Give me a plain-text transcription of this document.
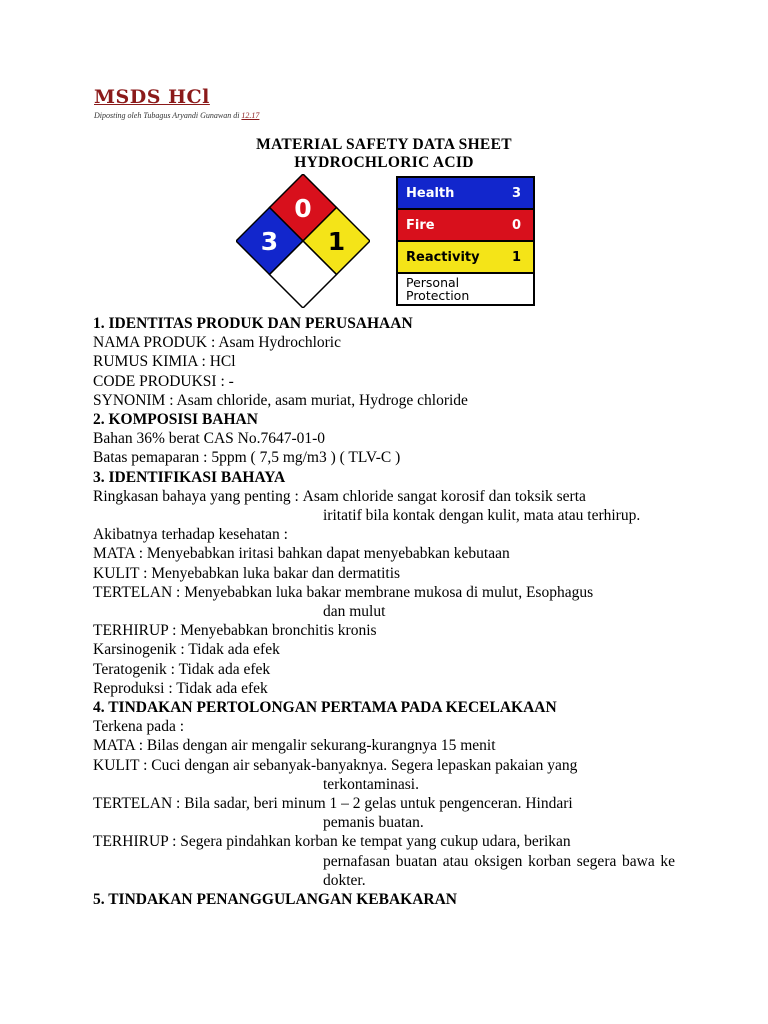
MSDS HCl
Diposting oleh Tubagus Aryandi Gunawan di 12.17
MATERIAL SAFETY DATA SHEET
HYDROCHLORIC ACID
0
3 1
Health	3
Fire	0
Reactivity 1
Personal
Protection
1. IDENTITAS PRODUK DAN PERUSAHAAN
NAMA PRODUK : Asam Hydrochloric
RUMUS KIMIA : HCl
CODE PRODUKSI : -
SYNONIM : Asam chloride, asam muriat, Hydroge chloride
2. KOMPOSISI BAHAN
Bahan 36% berat CAS No.7647-01-0
Batas pemaparan : 5ppm ( 7,5 mg/m3 ) ( TLV-C )
3. IDENTIFIKASI BAHAYA
Ringkasan bahaya yang penting : Asam chloride sangat korosif dan toksik serta
iritatif bila kontak dengan kulit, mata atau terhirup.
Akibatnya terhadap kesehatan :
MATA : Menyebabkan iritasi bahkan dapat menyebabkan kebutaan
KULIT : Menyebabkan luka bakar dan dermatitis
TERTELAN : Menyebabkan luka bakar membrane mukosa di mulut, Esophagus
dan mulut
TERHIRUP : Menyebabkan bronchitis kronis
Karsinogenik : Tidak ada efek
Teratogenik : Tidak ada efek
Reproduksi : Tidak ada efek
4. TINDAKAN PERTOLONGAN PERTAMA PADA KECELAKAAN
Terkena pada :
MATA : Bilas dengan air mengalir sekurang-kurangnya 15 menit
KULIT : Cuci dengan air sebanyak-banyaknya. Segera lepaskan pakaian yang
terkontaminasi.
TERTELAN : Bila sadar, beri minum 1 – 2 gelas untuk pengenceran. Hindari
pemanis buatan.
TERHIRUP : Segera pindahkan korban ke tempat yang cukup udara, berikan
pernafasan buatan atau oksigen korban segera bawa ke dokter.
5. TINDAKAN PENANGGULANGAN KEBAKARAN
